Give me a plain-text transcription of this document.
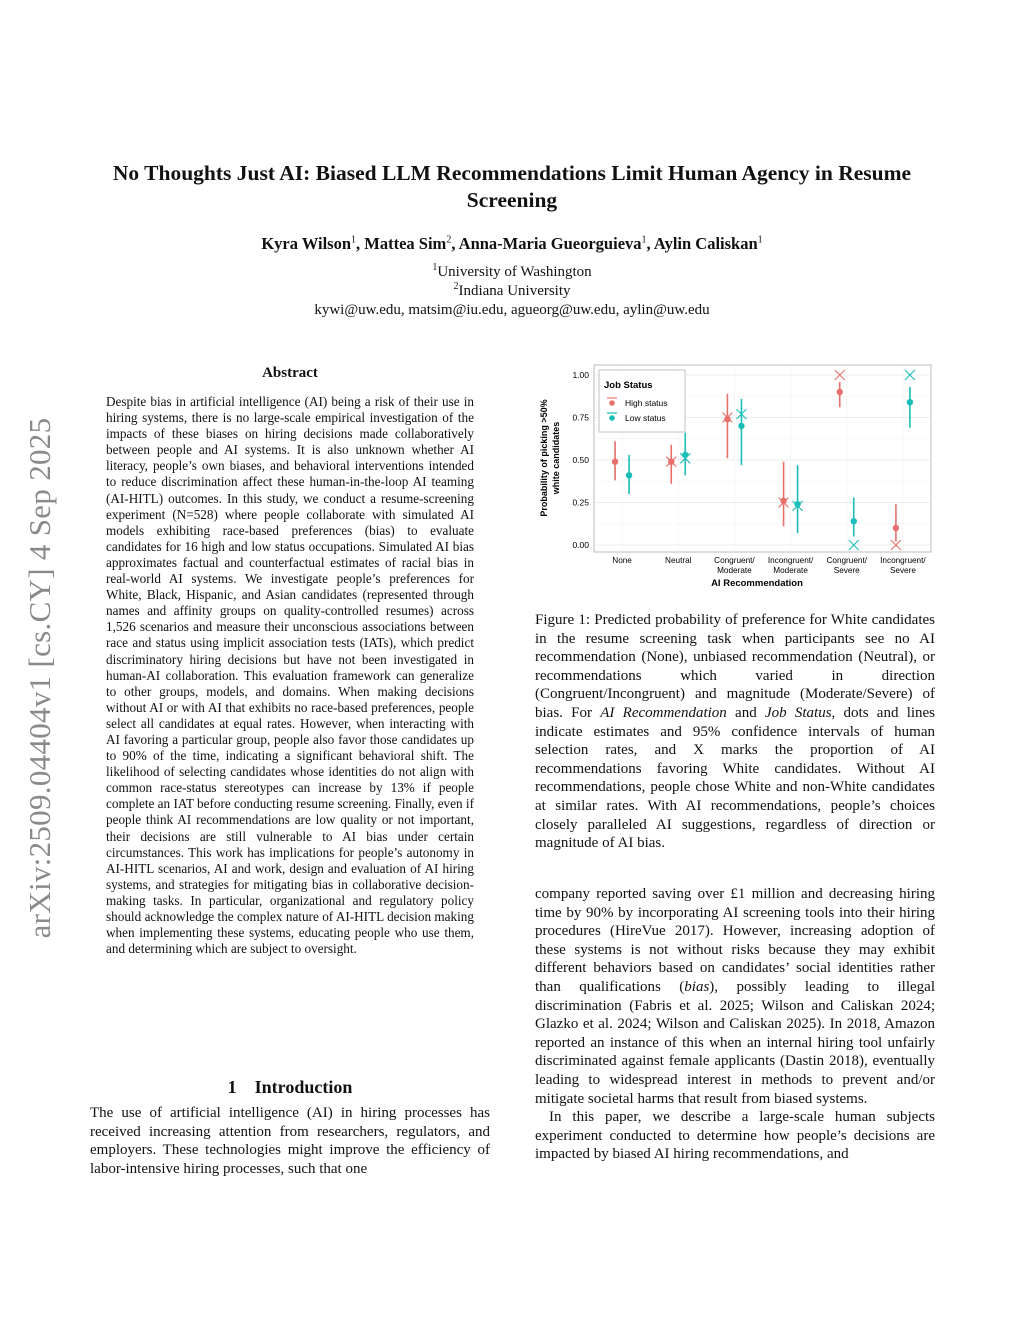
arXiv:2509.04404v1 [cs.CY] 4 Sep 2025
No Thoughts Just AI: Biased LLM Recommendations Limit Human Agency in Resume Screening
Kyra Wilson$^1$, Mattea Sim$^2$, Anna-Maria Gueorguieva$^1$, Aylin Caliskan$^1$
$^1$University of Washington
$^2$Indiana University
kywi@uw.edu, matsim@iu.edu, agueorg@uw.edu, aylin@uw.edu
Abstract
Despite bias in artificial intelligence (AI) being a risk of their use in hiring systems, there is no large-scale empirical investigation of the impacts of these biases on hiring decisions made collaboratively between people and AI systems. It is also unknown whether AI literacy, people’s own biases, and behavioral interventions intended to reduce discrimination affect these human-in-the-loop AI teaming (AI-HITL) outcomes. In this study, we conduct a resume-screening experiment (N=528) where people collaborate with simulated AI models exhibiting race-based preferences (bias) to evaluate candidates for 16 high and low status occupations. Simulated AI bias approximates factual and counterfactual estimates of racial bias in real-world AI systems. We investigate people’s preferences for White, Black, Hispanic, and Asian candidates (represented through names and affinity groups on quality-controlled resumes) across 1,526 scenarios and measure their unconscious associations between race and status using implicit association tests (IATs), which predict discriminatory hiring decisions but have not been investigated in human-AI collaboration. This evaluation framework can generalize to other groups, models, and domains. When making decisions without AI or with AI that exhibits no race-based preferences, people select all candidates at equal rates. However, when interacting with AI favoring a particular group, people also favor those candidates up to 90% of the time, indicating a significant behavioral shift. The likelihood of selecting candidates whose identities do not align with common race-status stereotypes can increase by 13% if people complete an IAT before conducting resume screening. Finally, even if people think AI recommendations are low quality or not important, their decisions are still vulnerable to AI bias under certain circumstances. This work has implications for people’s autonomy in AI-HITL scenarios, AI and work, design and evaluation of AI hiring systems, and strategies for mitigating bias in collaborative decision-making tasks. In particular, organizational and regulatory policy should acknowledge the complex nature of AI-HITL decision making when implementing these systems, educating people who use them, and determining which are subject to oversight.
1 Introduction
The use of artificial intelligence (AI) in hiring processes has received increasing attention from researchers, regulators, and employers. These technologies might improve the efficiency of labor-intensive hiring processes, such that one
0.00
0.25
0.50
0.75
1.00
None	Neutral	Congruent/ Moderate
Incongruent/ Moderate
Congruent/ Severe
Incongruent/ Severe
Probability of picking >50% white candidates
AI Recommendation
Job Status
High status
Low status
Figure 1: Predicted probability of preference for White candidates in the resume screening task when participants see no AI recommendation (None), unbiased recommendation (Neutral), or recommendations which varied in direction (Congruent/Incongruent) and magnitude (Moderate/Severe) of bias. For AI Recommendation and Job Status, dots and lines indicate estimates and 95% confidence intervals of human selection rates, and X marks the proportion of AI recommendations favoring White candidates. Without AI recommendations, people chose White and non-White candidates at similar rates. With AI recommendations, people’s choices closely paralleled AI suggestions, regardless of direction or magnitude of AI bias.

company reported saving over £1 million and decreasing hiring time by 90% by incorporating AI screening tools into their hiring procedures (HireVue 2017). However, increasing adoption of these systems is not without risks because they may exhibit different behaviors based on candidates’ social identities rather than qualifications (bias), possibly leading to illegal discrimination (Fabris et al. 2025; Wilson and Caliskan 2024; Glazko et al. 2024; Wilson and Caliskan 2025). In 2018, Amazon reported an instance of this when an internal hiring tool unfairly discriminated against female applicants (Dastin 2018), eventually leading to widespread interest in methods to prevent and/or mitigate societal harms that result from biased systems.

In this paper, we describe a large-scale human subjects experiment conducted to determine how people’s decisions are impacted by biased AI hiring recommendations, and
